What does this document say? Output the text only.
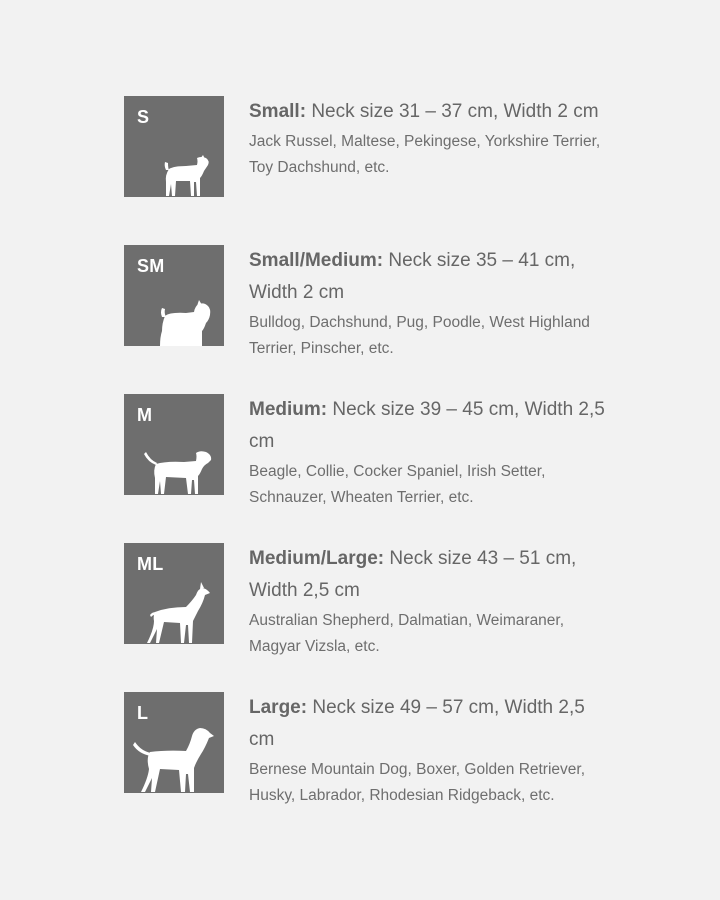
S	Small: Neck size 31 – 37 cm, Width 2 cm

Jack Russel, Maltese, Pekingese, Yorkshire Terrier, Toy Dachshund, etc.

SM	Small/Medium: Neck size 35 – 41 cm, Width 2 cm

Bulldog, Dachshund, Pug, Poodle, West Highland Terrier, Pinscher, etc.

M	Medium: Neck size 39 – 45 cm, Width 2,5 cm

Beagle, Collie, Cocker Spaniel, Irish Setter, Schnauzer, Wheaten Terrier, etc.

ML	Medium/Large: Neck size 43 – 51 cm, Width 2,5 cm

Australian Shepherd, Dalmatian, Weimaraner, Magyar Vizsla, etc.

L	Large: Neck size 49 – 57 cm, Width 2,5 cm

Bernese Mountain Dog, Boxer, Golden Retriever, Husky, Labrador, Rhodesian Ridgeback, etc.
